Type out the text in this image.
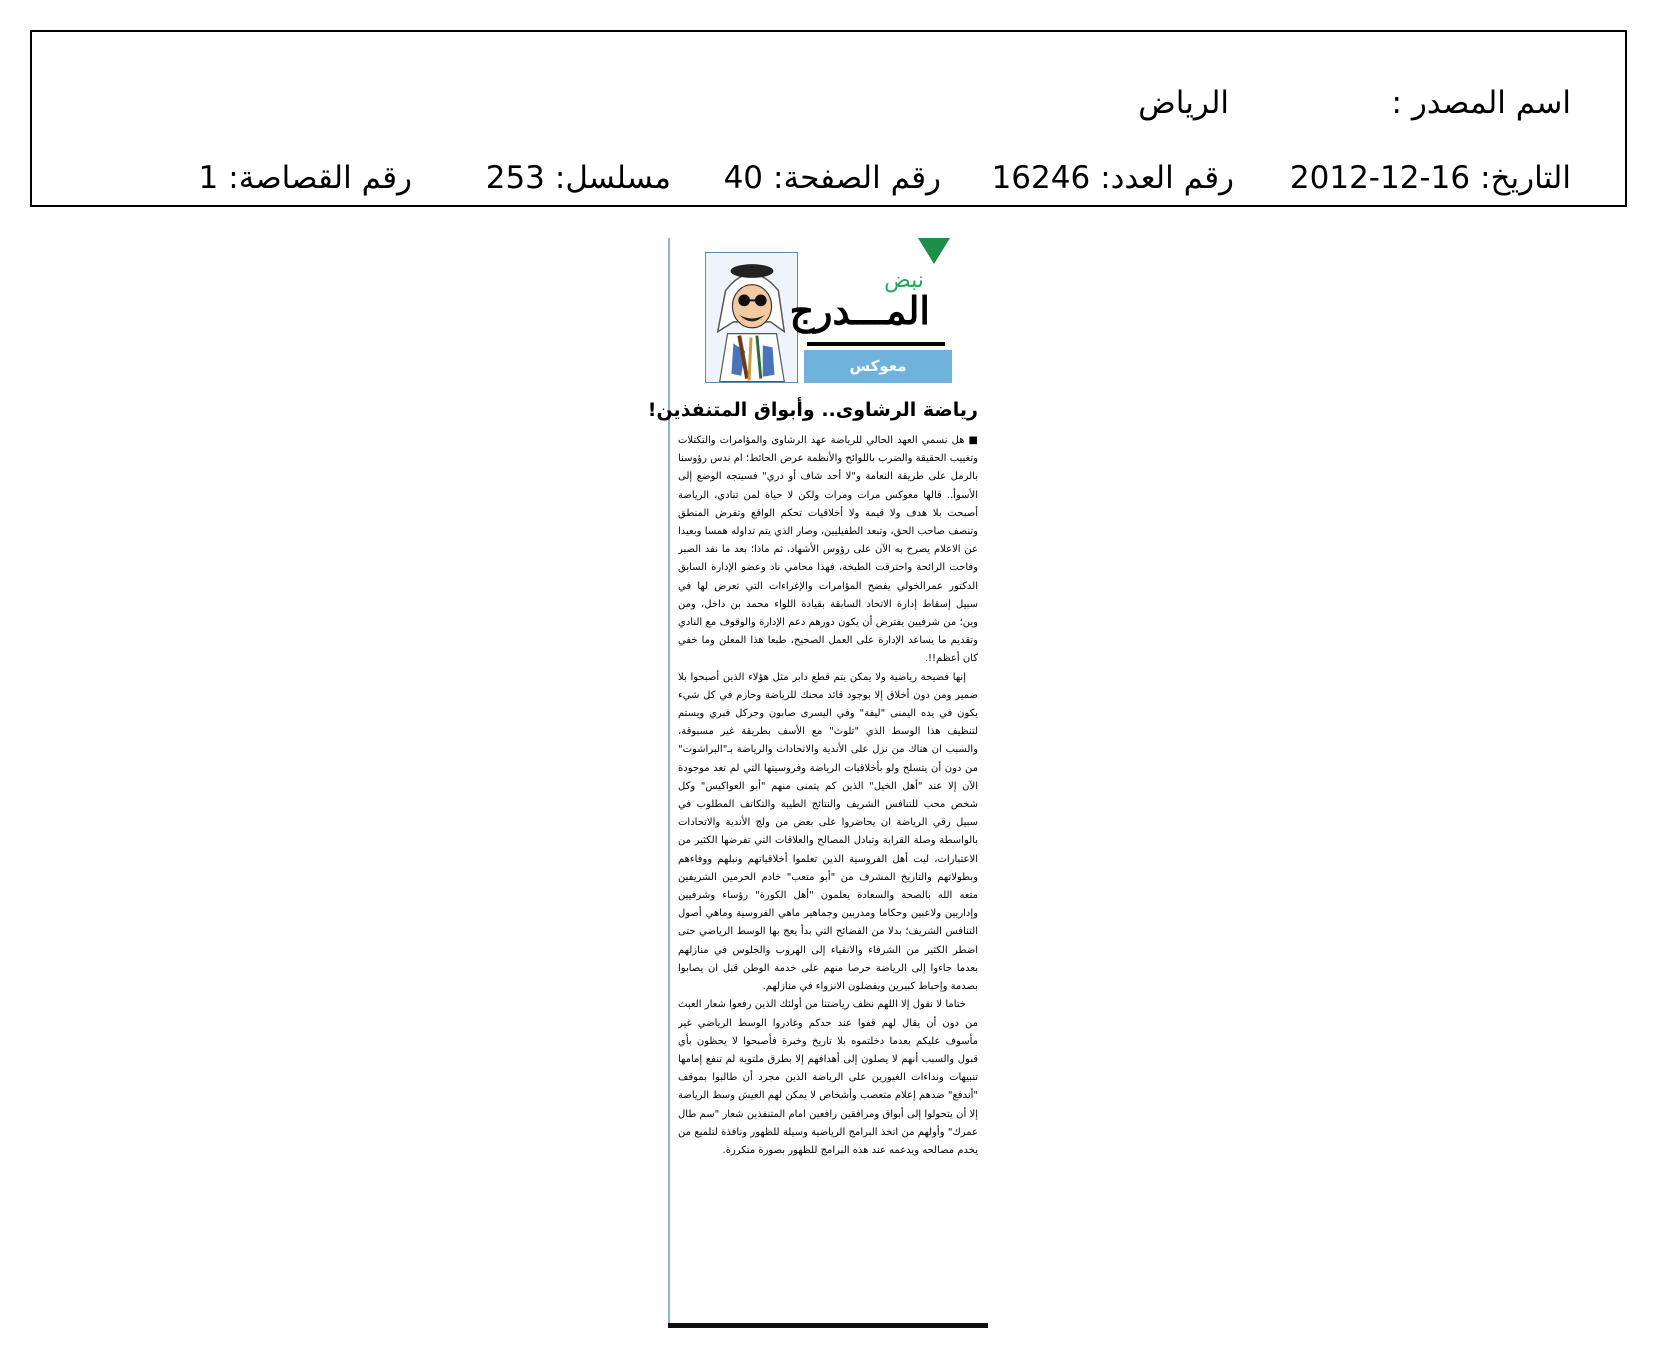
اسم المصدر :
الرياض
التاريخ:2012-12-16
رقم العدد:16246
رقم الصفحة:40
مسلسل:253
رقم القصاصة:1
نبض
المـــدرج
معوكس
رياضة الرشاوى.. وأبواق المتنفذين!

■ هل نسمي العهد الحالي للرياضة عهد الرشاوى والمؤامرات والتكتلات وتغييب الحقيقة والضرب باللوائح والأنظمة عرض الحائط؛ ام ندس رؤوسنا بالرمل على طريقة النعامة و"لا أحد شاف أو دري" فسيتجه الوضع إلى الأسوأ.. قالها معوكس مرات ومرات ولكن لا حياة لمن تنادي، الرياضة أصبحت بلا هدف ولا قيمة ولا أخلاقيات تحكم الواقع وتفرض المنطق وتنصف صاحب الحق، وتبعد الطفيليين، وصار الذي يتم تداوله همسا وبعيدا عن الاعلام يصرح به الآن على رؤوس الأشهاد، ثم ماذا؛ بعد ما نفد الصبر وفاحت الرائحة واحترقت الطبخة، فهذا محامي ناد وعضو الإدارة السابق الدكتور عمرالخولي يفضح المؤامرات والإغراءات التي تعرض لها في سبيل إسقاط إدارة الاتحاد السابقة بقيادة اللواء محمد بن داخل، ومن وين؛ من شرفيين يفترض أن يكون دورهم دعم الإدارة والوقوف مع النادي وتقديم ما يساعد الإدارة على العمل الصحيح، طبعا هذا المعلن وما خفي كان أعظم!!.

إنها فضيحة رياضية ولا يمكن يتم قطع دابر مثل هؤلاء الذين أصبحوا بلا ضمير ومن دون أخلاق إلا بوجود قائد محنك للرياضة وحازم في كل شيء يكون في يده اليمنى "ليفة" وفي اليسرى صابون وجركل فبري ويستم لتنظيف هذا الوسط الذي "تلوث" مع الأسف بطريقة غير مسبوقة، والسبب ان هناك من نزل على الأندية والاتحادات والرياضة بـ"البراشوت" من دون أن يتسلح ولو بأخلاقيات الرياضة وفروسيتها التي لم تعد موجودة الآن إلا عند "أهل الخيل" الذين كم يتمنى منهم "أبو العواكيس" وكل شخص محب للتنافس الشريف والنتائج الطيبة والتكاتف المطلوب في سبيل رقي الرياضة ان يحاضروا على بعض من ولج الأندية والاتحادات بالواسطة وصلة القرابة وتبادل المصالح والعلاقات التي تفرضها الكثير من الاعتبارات، ليت أهل الفروسية الذين تعلموا أخلاقياتهم ونبلهم ووفاءهم وبطولاتهم والتاريخ المشرف من "أبو متعب" خادم الحرمين الشريفين متعه الله بالصحة والسعادة يعلمون "أهل الكورة" رؤساء وشرفيين وإداريين ولاعبين وحكاما ومدربين وجماهير ماهي الفروسية وماهي أصول التنافس الشريف؛ بدلا من الفضائح التي بدأ يعج بها الوسط الرياضي حتى اضطر الكثير من الشرفاء والانقياء إلى الهروب والجلوس في منازلهم بعدما جاءوا إلى الرياضة حرصا منهم على خدمة الوطن قبل ان يصابوا بصدمة وإحباط كبيرين ويفضلون الانزواء في منازلهم.

ختاما لا نقول إلا اللهم نظف رياضتنا من أولئك الذين رفعوا شعار العبث من دون أن يقال لهم قفوا عند حدكم وغادروا الوسط الرياضي غير مأسوف عليكم بعدما دخلتموه بلا تاريخ وخبرة فأصبحوا لا يحظون بأي قبول والسبب أنهم لا يصلون إلى أهدافهم إلا بطرق ملتوية لم تنفع إمامها تنبيهات ونداءات الغيورين على الرياضة الذين مجرد أن طالبوا بموقف "أندفع" ضدهم إعلام متعصب وأشخاص لا يمكن لهم العيش وسط الرياضة إلا أن يتحولوا إلى أبواق ومرافقين رافعين امام المتنفذين شعار "سم طال عمرك" وأولهم من اتخذ البرامج الرياضية وسيلة للظهور ونافذة لتلميع من يخدم مصالحه ويدعمه عند هذه البرامج للظهور بصورة متكررة.
